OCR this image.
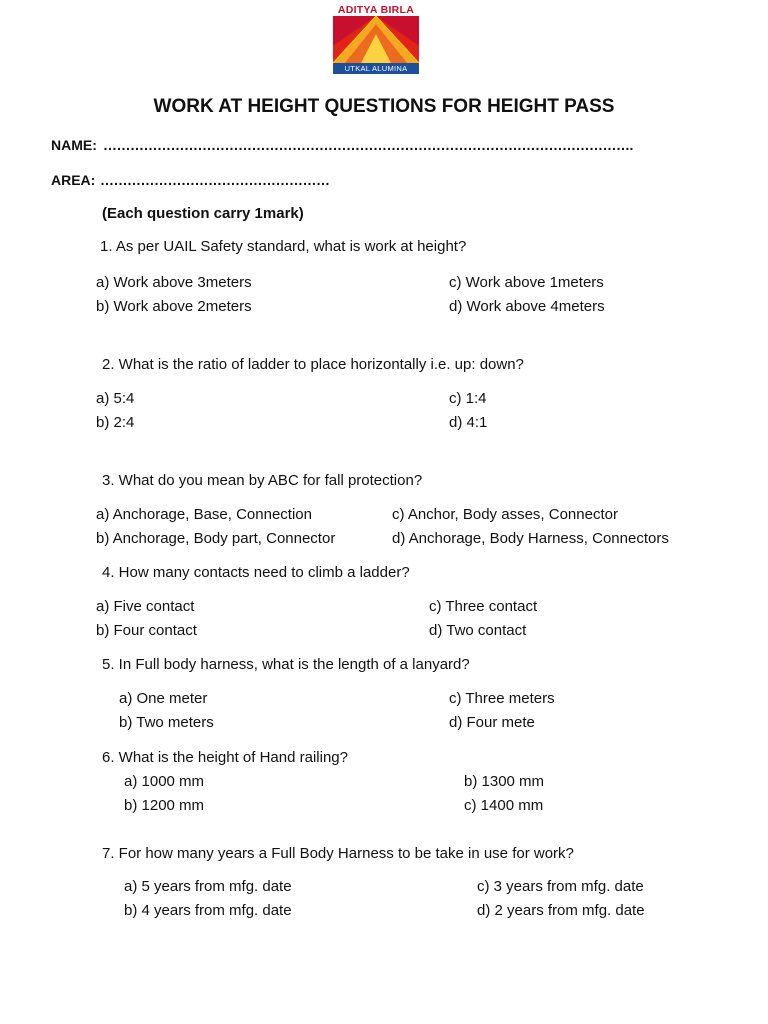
ADITYA BIRLA
UTKAL ALUMINA
WORK AT HEIGHT QUESTIONS FOR HEIGHT PASS
NAME: ……………………………………………………………………………………………………….
AREA: ……………………………………………
(Each question carry 1mark)
1. As per UAIL Safety standard, what is work at height?
a) Work above 3meters
b) Work above 2meters
c) Work above 1meters
d) Work above 4meters
2. What is the ratio of ladder to place horizontally i.e. up: down?
a) 5:4
b) 2:4
c) 1:4
d) 4:1
3. What do you mean by ABC for fall protection?
a) Anchorage, Base, Connection
b) Anchorage, Body part, Connector
c) Anchor, Body asses, Connector
d) Anchorage, Body Harness, Connectors
4. How many contacts need to climb a ladder?
a) Five contact
b) Four contact
c) Three contact
d) Two contact
5. In Full body harness, what is the length of a lanyard?
a) One meter
b) Two meters
c) Three meters
d) Four mete
6. What is the height of Hand railing?
a) 1000 mm
b) 1200 mm
b) 1300 mm
c) 1400 mm
7. For how many years a Full Body Harness to be take in use for work?
a) 5 years from mfg. date
b) 4 years from mfg. date
c) 3 years from mfg. date
d) 2 years from mfg. date
